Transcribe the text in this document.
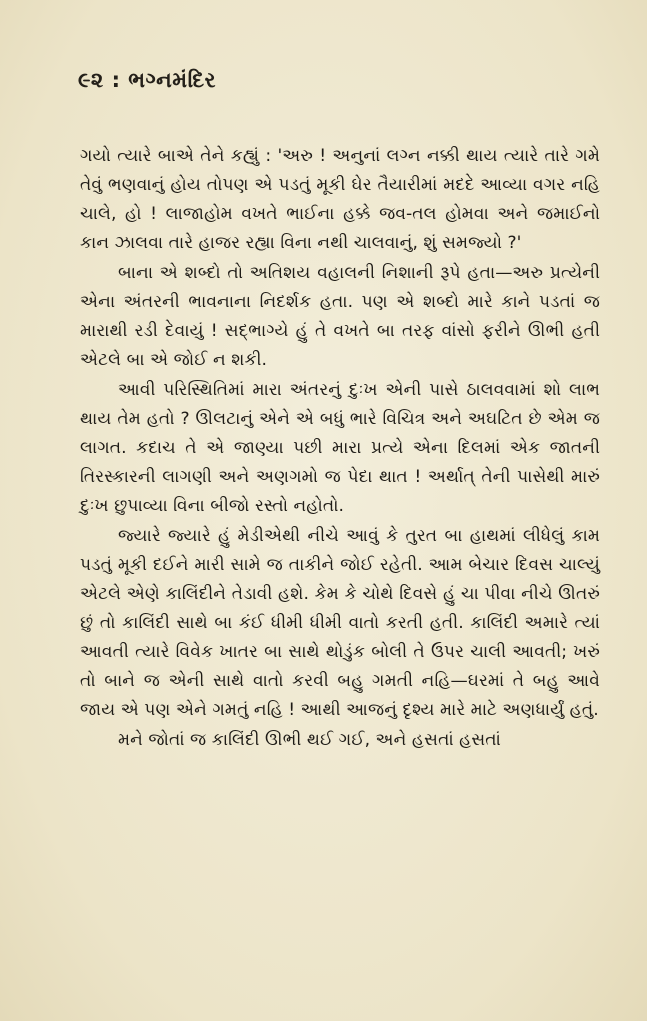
૯૨ : ભગ્નમંદિર

ગયો ત્યારે બાએ તેને કહ્યું : 'અરુ ! અનુનાં લગ્ન નક્કી થાય ત્યારે તારે ગમે તેવું ભણવાનું હોય તોપણ એ પડતું મૂકી ઘેર તૈયારીમાં મદદે આવ્યા વગર નહિ ચાલે, હો ! લાજાહોમ વખતે ભાઈના હક્કે જવ-તલ હોમવા અને જમાઈનો કાન ઝાલવા તારે હાજર રહ્યા વિના નથી ચાલવાનું, શું સમજ્યો ?'

બાના એ શબ્દો તો અતિશય વહાલની નિશાની રૂપે હતા—અરુ પ્રત્યેની એના અંતરની ભાવનાના નિદર્શક હતા. પણ એ શબ્દો મારે કાને પડતાં જ મારાથી રડી દેવાયું ! સદ્ભાગ્યે હું તે વખતે બા તરફ વાંસો ફરીને ઊભી હતી એટલે બા એ જોઈ ન શકી.

આવી પરિસ્થિતિમાં મારા અંતરનું દુઃખ એની પાસે ઠાલવવામાં શો લાભ થાય તેમ હતો ? ઊલટાનું એને એ બધું ભારે વિચિત્ર અને અઘટિત છે એમ જ લાગત. કદાચ તે એ જાણ્યા પછી મારા પ્રત્યે એના દિલમાં એક જાતની તિરસ્કારની લાગણી અને અણગમો જ પેદા થાત ! અર્થાત્ તેની પાસેથી મારું દુઃખ છુપાવ્યા વિના બીજો રસ્તો નહોતો.

જ્યારે જ્યારે હું મેડીએથી નીચે આવું કે તુરત બા હાથમાં લીધેલું કામ પડતું મૂકી દઈને મારી સામે જ તાકીને જોઈ રહેતી. આમ બેચાર દિવસ ચાલ્યું એટલે એણે કાલિંદીને તેડાવી હશે. કેમ કે ચોથે દિવસે હું ચા પીવા નીચે ઊતરું છું તો કાલિંદી સાથે બા કંઈ ધીમી ધીમી વાતો કરતી હતી. કાલિંદી અમારે ત્યાં આવતી ત્યારે વિવેક ખાતર બા સાથે થોડુંક બોલી તે ઉપર ચાલી આવતી; ખરું તો બાને જ એની સાથે વાતો કરવી બહુ ગમતી નહિ—ઘરમાં તે બહુ આવે જાય એ પણ એને ગમતું નહિ ! આથી આજનું દૃશ્ય મારે માટે અણધાર્યું હતું.

મને જોતાં જ કાલિંદી ઊભી થઈ ગઈ, અને હસતાં હસતાં
